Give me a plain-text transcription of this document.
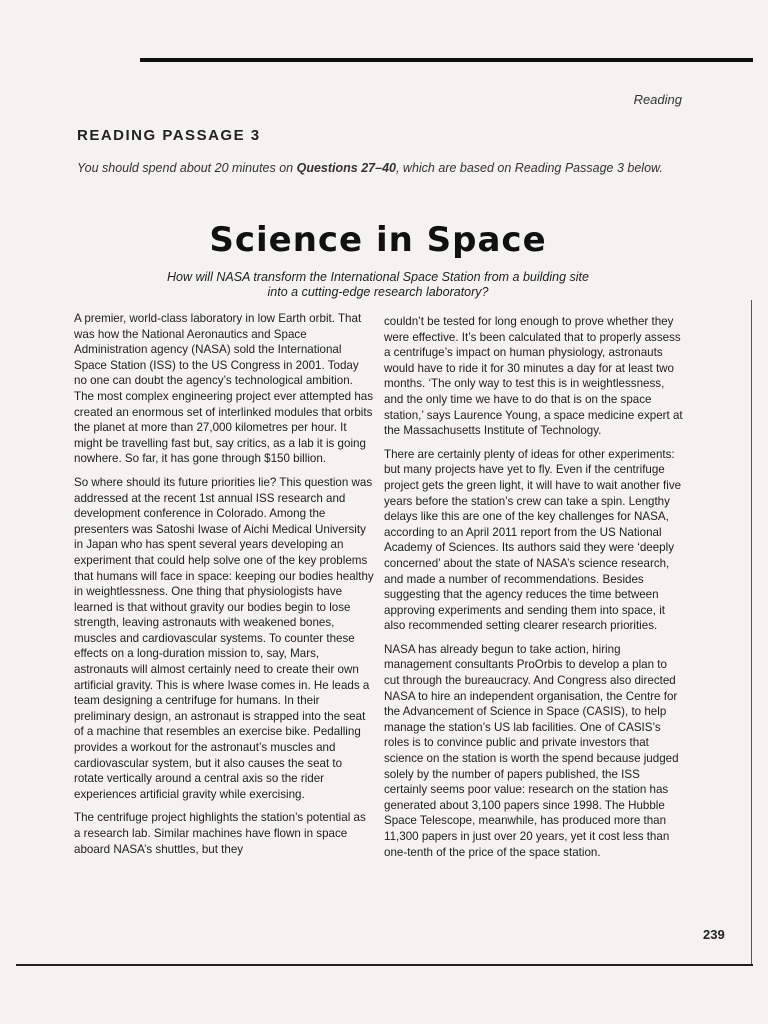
Reading
READING PASSAGE 3
You should spend about 20 minutes on Questions 27–40, which are based on Reading Passage 3 below.
Science in Space
How will NASA transform the International Space Station from a building site
into a cutting-edge research laboratory?

A premier, world-class laboratory in low Earth orbit. That was how the National Aeronautics and Space Administration agency (NASA) sold the International Space Station (ISS) to the US Congress in 2001. Today no one can doubt the agency’s technological ambition. The most complex engineering project ever attempted has created an enormous set of interlinked modules that orbits the planet at more than 27,000 kilometres per hour. It might be travelling fast but, say critics, as a lab it is going nowhere. So far, it has gone through $150 billion.

So where should its future priorities lie? This question was addressed at the recent 1st annual ISS research and development conference in Colorado. Among the presenters was Satoshi Iwase of Aichi Medical University in Japan who has spent several years developing an experiment that could help solve one of the key problems that humans will face in space: keeping our bodies healthy in weightlessness. One thing that physiologists have learned is that without gravity our bodies begin to lose strength, leaving astronauts with weakened bones, muscles and cardiovascular systems. To counter these effects on a long-duration mission to, say, Mars, astronauts will almost certainly need to create their own artificial gravity. This is where Iwase comes in. He leads a team designing a centrifuge for humans. In their preliminary design, an astronaut is strapped into the seat of a machine that resembles an exercise bike. Pedalling provides a workout for the astronaut’s muscles and cardiovascular system, but it also causes the seat to rotate vertically around a central axis so the rider experiences artificial gravity while exercising.

The centrifuge project highlights the station’s potential as a research lab. Similar machines have flown in space aboard NASA’s shuttles, but they

couldn’t be tested for long enough to prove whether they were effective. It’s been calculated that to properly assess a centrifuge’s impact on human physiology, astronauts would have to ride it for 30 minutes a day for at least two months. ‘The only way to test this is in weightlessness, and the only time we have to do that is on the space station,’ says Laurence Young, a space medicine expert at the Massachusetts Institute of Technology.

There are certainly plenty of ideas for other experiments: but many projects have yet to fly. Even if the centrifuge project gets the green light, it will have to wait another five years before the station’s crew can take a spin. Lengthy delays like this are one of the key challenges for NASA, according to an April 2011 report from the US National Academy of Sciences. Its authors said they were ‘deeply concerned’ about the state of NASA’s science research, and made a number of recommendations. Besides suggesting that the agency reduces the time between approving experiments and sending them into space, it also recommended setting clearer research priorities.

NASA has already begun to take action, hiring management consultants ProOrbis to develop a plan to cut through the bureaucracy. And Congress also directed NASA to hire an independent organisation, the Centre for the Advancement of Science in Space (CASIS), to help manage the station’s US lab facilities. One of CASIS’s roles is to convince public and private investors that science on the station is worth the spend because judged solely by the number of papers published, the ISS certainly seems poor value: research on the station has generated about 3,100 papers since 1998. The Hubble Space Telescope, meanwhile, has produced more than 11,300 papers in just over 20 years, yet it cost less than one-tenth of the price of the space station.

239
